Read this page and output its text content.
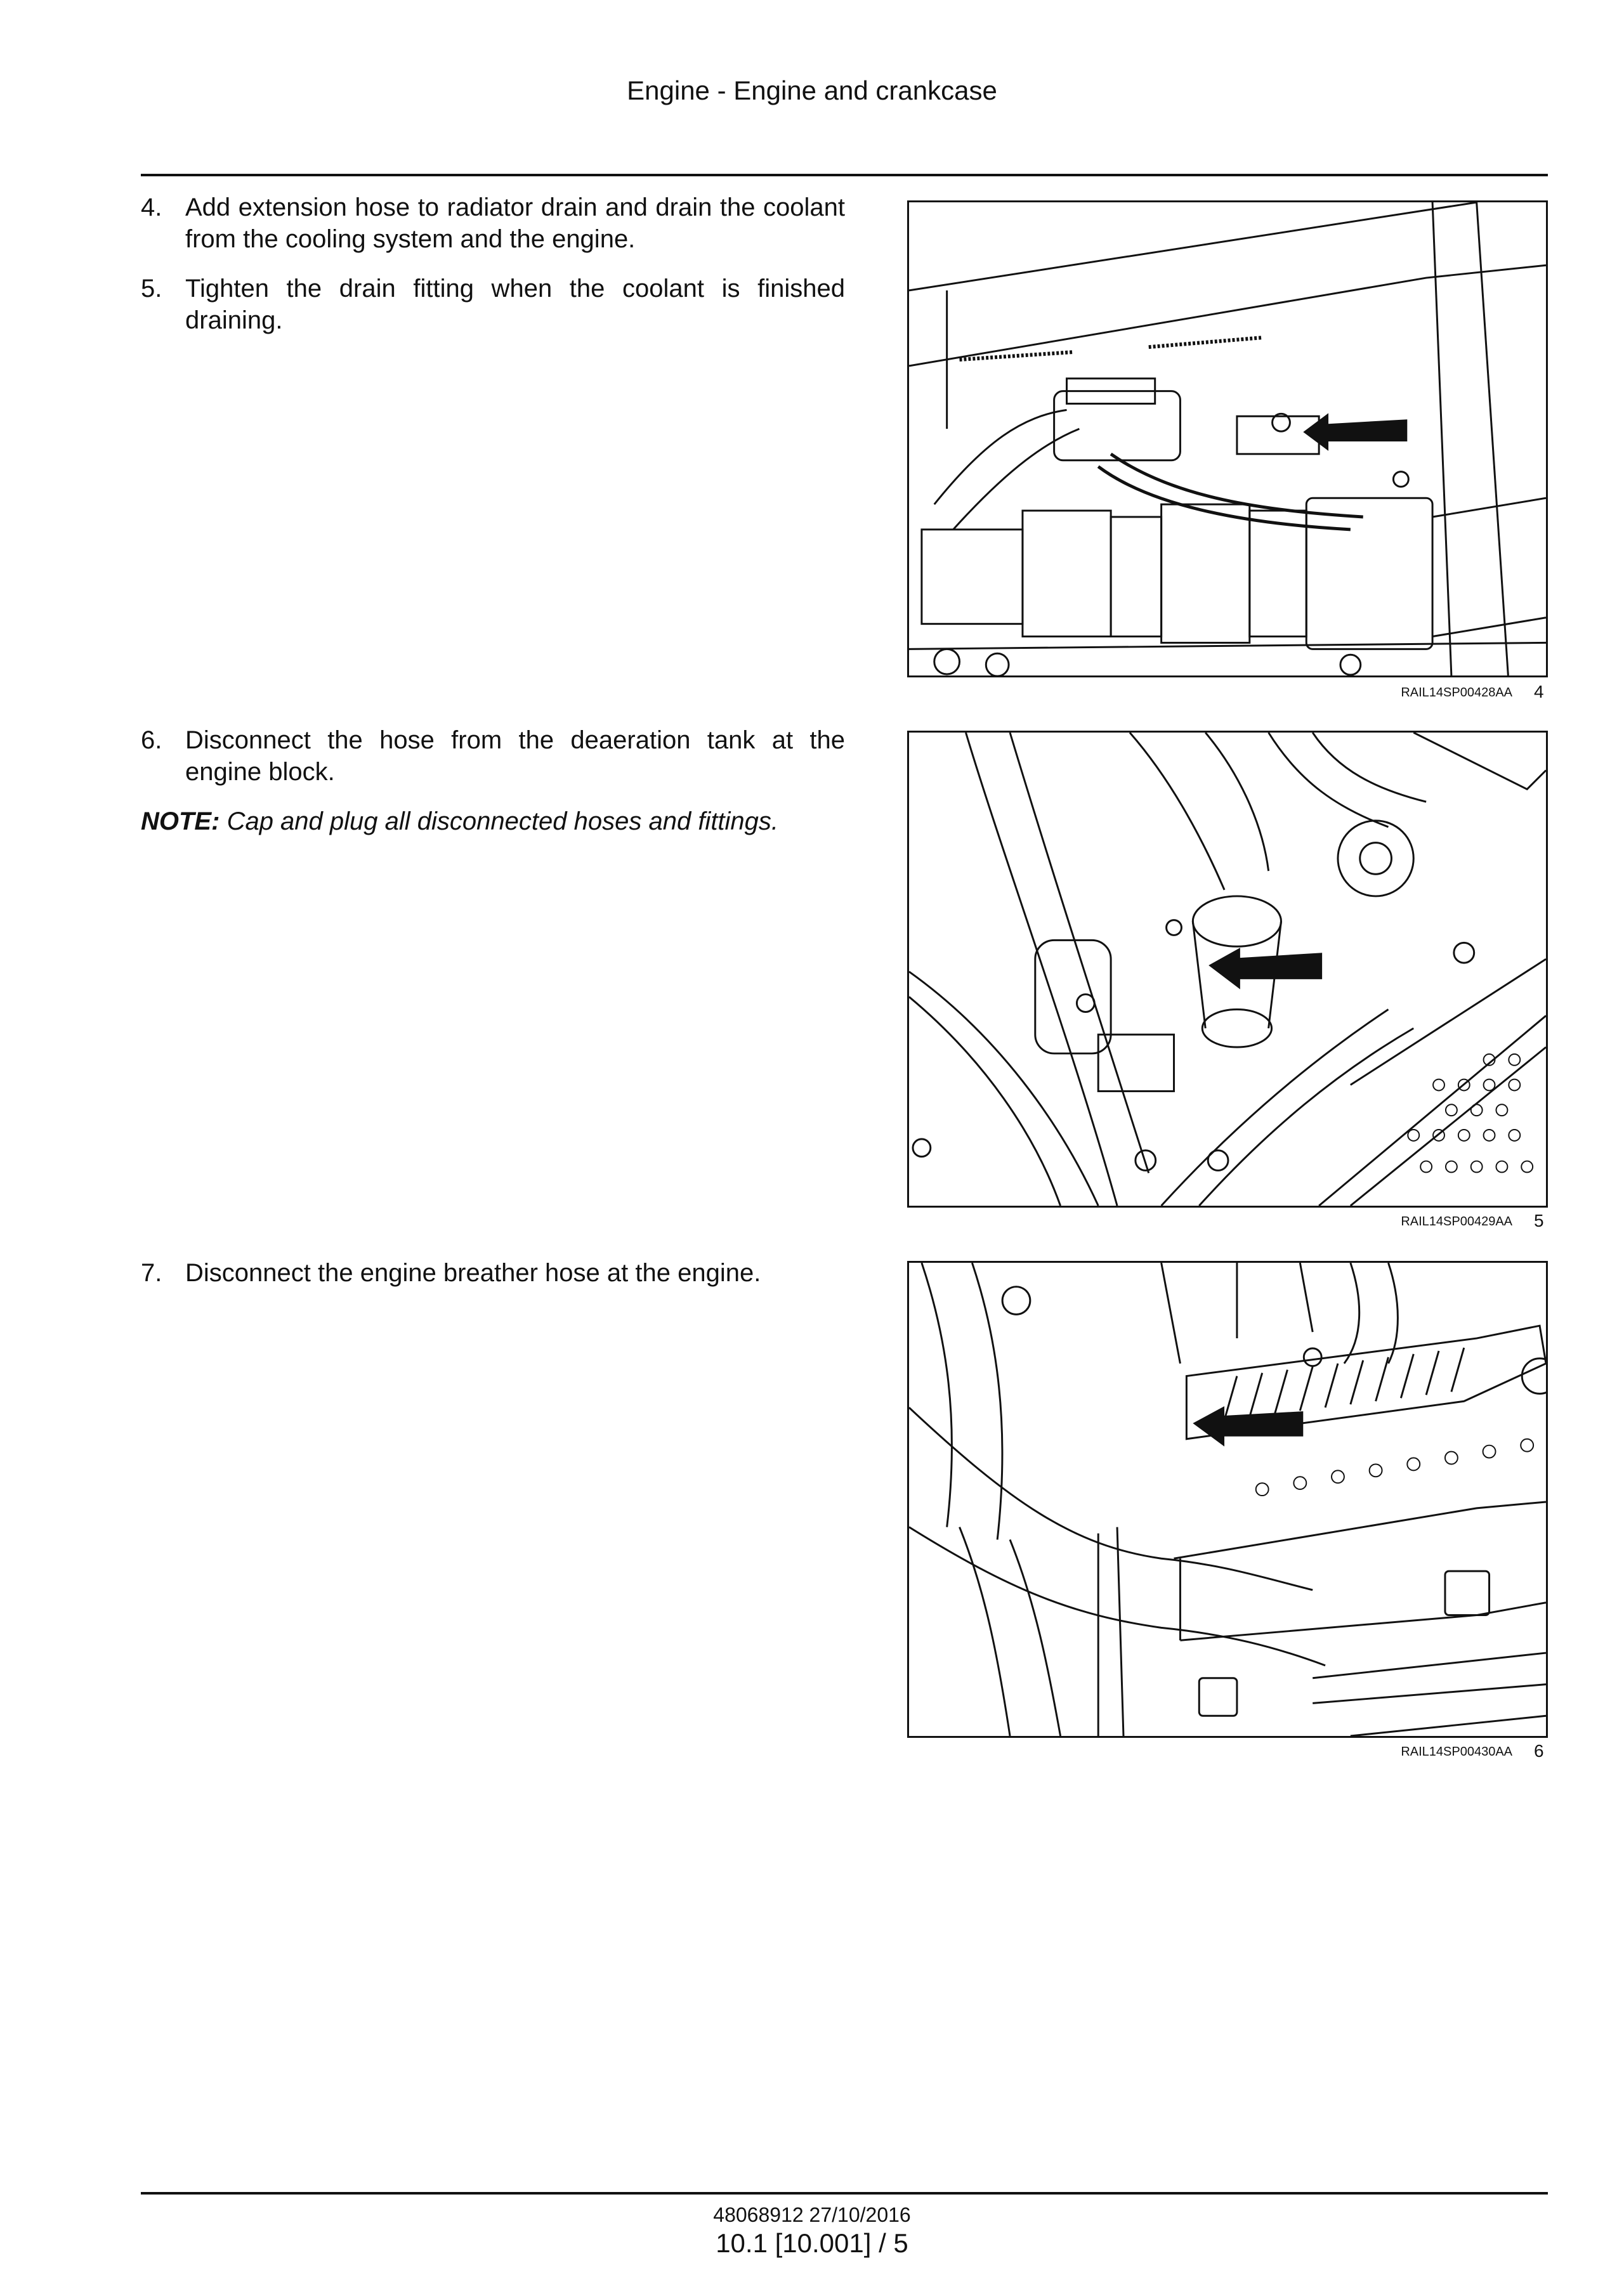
Engine - Engine and crankcase
4. Add extension hose to radiator drain and drain the coolant from the cooling system and the engine.
5. Tighten the drain fitting when the coolant is finished draining.
6. Disconnect the hose from the deaeration tank at the engine block.
NOTE: Cap and plug all disconnected hoses and fittings.
7. Disconnect the engine breather hose at the engine.
RAIL14SP00428AA 4
RAIL14SP00429AA 5
RAIL14SP00430AA 6
48068912 27/10/2016
10.1 [10.001] / 5
